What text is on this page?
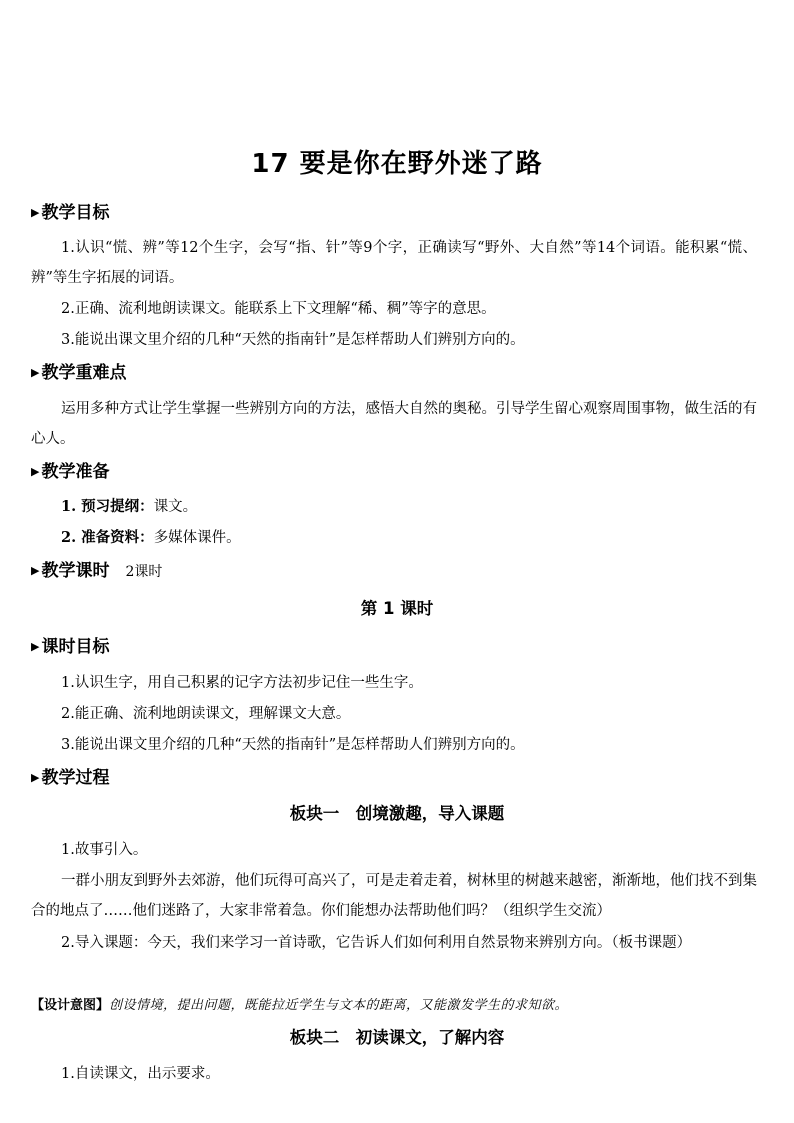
17 要是你在野外迷了路
▶ 教学目标

1.认识“慌、辨”等12个生字，会写“指、针”等9个字，正确读写“野外、大自然”等14个词语。能积累“慌、辨”等生字拓展的词语。

2.正确、流利地朗读课文。能联系上下文理解“稀、稠”等字的意思。

3.能说出课文里介绍的几种“天然的指南针”是怎样帮助人们辨别方向的。

▶ 教学重难点

运用多种方式让学生掌握一些辨别方向的方法，感悟大自然的奥秘。引导学生留心观察周围事物，做生活的有心人。

▶ 教学准备

1. 预习提纲：课文。

2. 准备资料：多媒体课件。

▶ 教学课时 2课时
第 1 课时
▶ 课时目标

1.认识生字，用自己积累的记字方法初步记住一些生字。

2.能正确、流利地朗读课文，理解课文大意。

3.能说出课文里介绍的几种“天然的指南针”是怎样帮助人们辨别方向的。

▶ 教学过程
板块一　创境激趣，导入课题

1.故事引入。

一群小朋友到野外去郊游，他们玩得可高兴了，可是走着走着，树林里的树越来越密，渐渐地，他们找不到集合的地点了……他们迷路了，大家非常着急。你们能想办法帮助他们吗？（组织学生交流）

2.导入课题：今天，我们来学习一首诗歌，它告诉人们如何利用自然景物来辨别方向。（板书课题）

【设计意图】创设情境，提出问题，既能拉近学生与文本的距离，又能激发学生的求知欲。
板块二　初读课文，了解内容

1.自读课文，出示要求。
